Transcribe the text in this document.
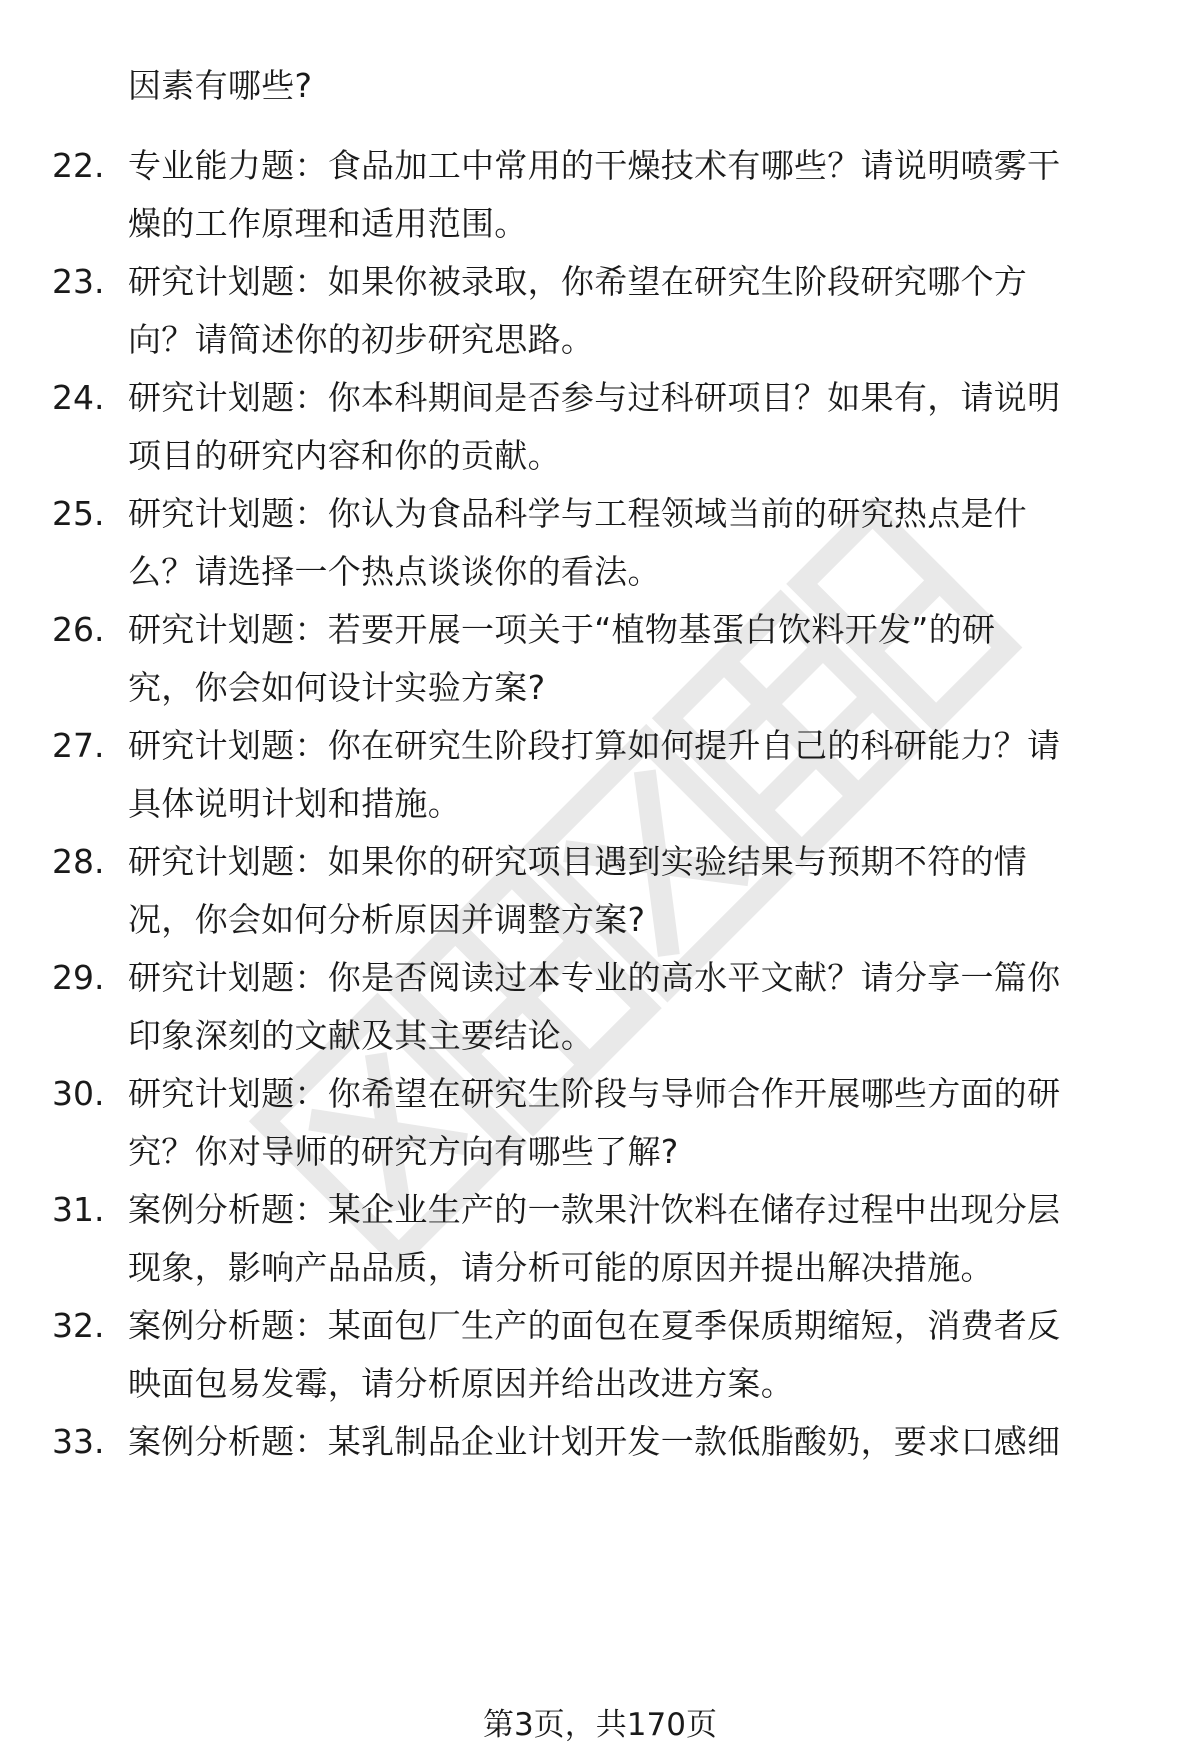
因素有哪些?
22. 专业能力题：食品加工中常用的干燥技术有哪些？请说明喷雾干
燥的工作原理和适用范围。
23. 研究计划题：如果你被录取，你希望在研究生阶段研究哪个方
向？请简述你的初步研究思路。
24. 研究计划题：你本科期间是否参与过科研项目？如果有，请说明
项目的研究内容和你的贡献。
25. 研究计划题：你认为食品科学与工程领域当前的研究热点是什
么？请选择一个热点谈谈你的看法。
26. 研究计划题：若要开展一项关于“植物基蛋白饮料开发”的研
究，你会如何设计实验方案?
27. 研究计划题：你在研究生阶段打算如何提升自己的科研能力？请
具体说明计划和措施。
28. 研究计划题：如果你的研究项目遇到实验结果与预期不符的情
况，你会如何分析原因并调整方案?
29. 研究计划题：你是否阅读过本专业的高水平文献？请分享一篇你
印象深刻的文献及其主要结论。
30. 研究计划题：你希望在研究生阶段与导师合作开展哪些方面的研
究？你对导师的研究方向有哪些了解?
31. 案例分析题：某企业生产的一款果汁饮料在储存过程中出现分层
现象，影响产品品质，请分析可能的原因并提出解决措施。
32. 案例分析题：某面包厂生产的面包在夏季保质期缩短，消费者反
映面包易发霉，请分析原因并给出改进方案。
33. 案例分析题：某乳制品企业计划开发一款低脂酸奶，要求口感细
第3页，共170页
